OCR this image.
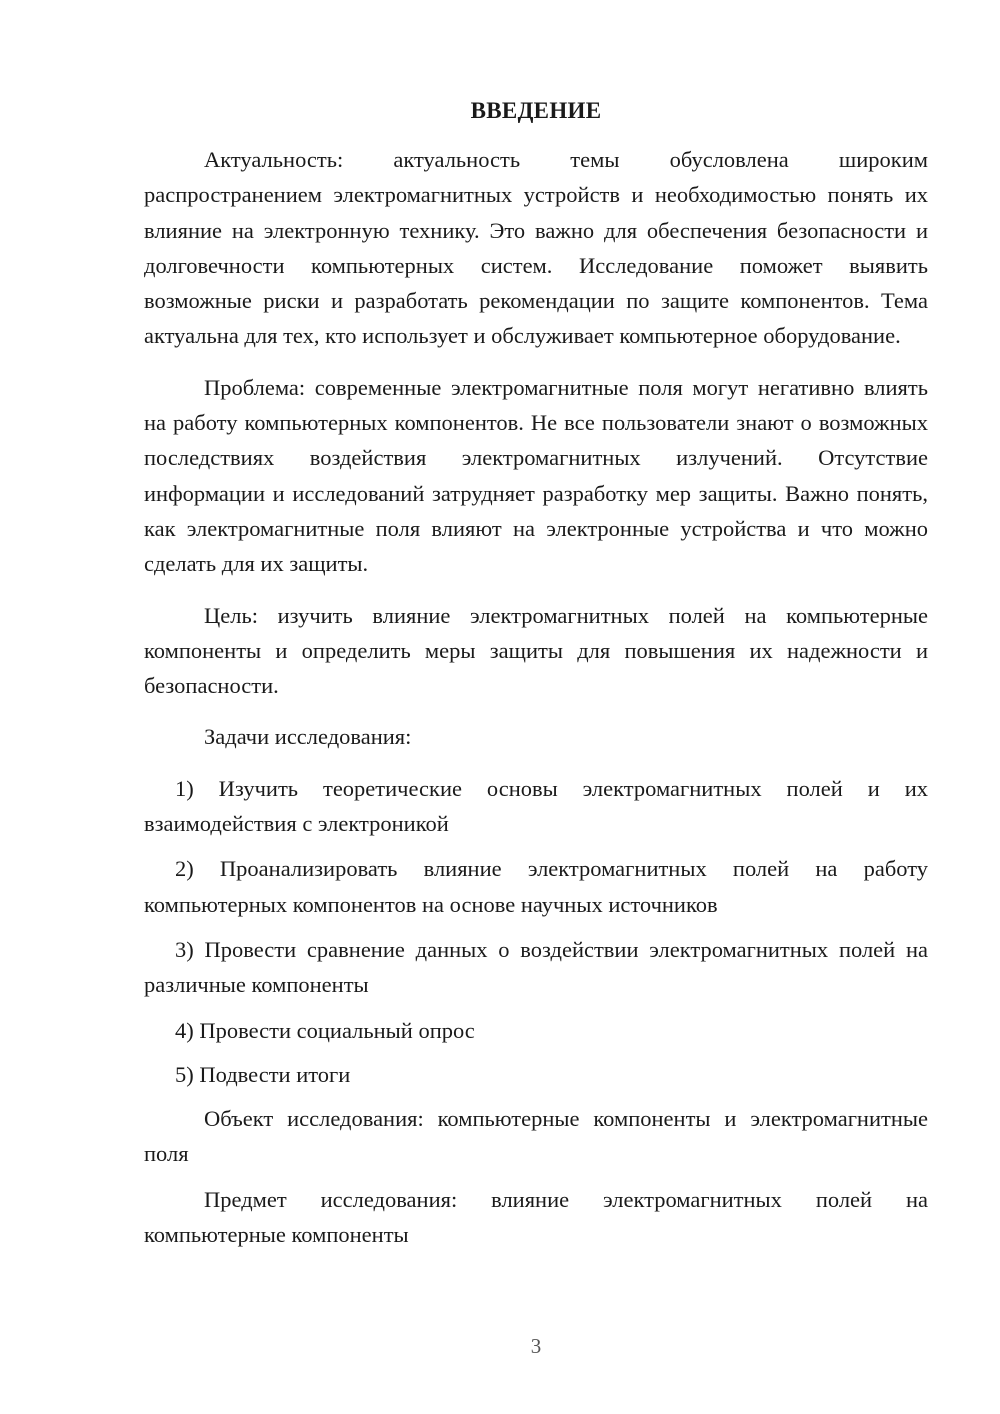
ВВЕДЕНИЕ

Актуальность: актуальность темы обусловлена широким распространением электромагнитных устройств и необходимостью понять их влияние на электронную технику. Это важно для обеспечения безопасности и долговечности компьютерных систем. Исследование поможет выявить возможные риски и разработать рекомендации по защите компонентов. Тема актуальна для тех, кто использует и обслуживает компьютерное оборудование.

Проблема: современные электромагнитные поля могут негативно влиять на работу компьютерных компонентов. Не все пользователи знают о возможных последствиях воздействия электромагнитных излучений. Отсутствие информации и исследований затрудняет разработку мер защиты. Важно понять, как электромагнитные поля влияют на электронные устройства и что можно сделать для их защиты.

Цель: изучить влияние электромагнитных полей на компьютерные компоненты и определить меры защиты для повышения их надежности и безопасности.

Задачи исследования:

1) Изучить теоретические основы электромагнитных полей и их взаимодействия с электроникой

2) Проанализировать влияние электромагнитных полей на работу компьютерных компонентов на основе научных источников

3) Провести сравнение данных о воздействии электромагнитных полей на различные компоненты

4) Провести социальный опрос

5) Подвести итоги

Объект исследования: компьютерные компоненты и электромагнитные поля

Предмет исследования: влияние электромагнитных полей на компьютерные компоненты

3
